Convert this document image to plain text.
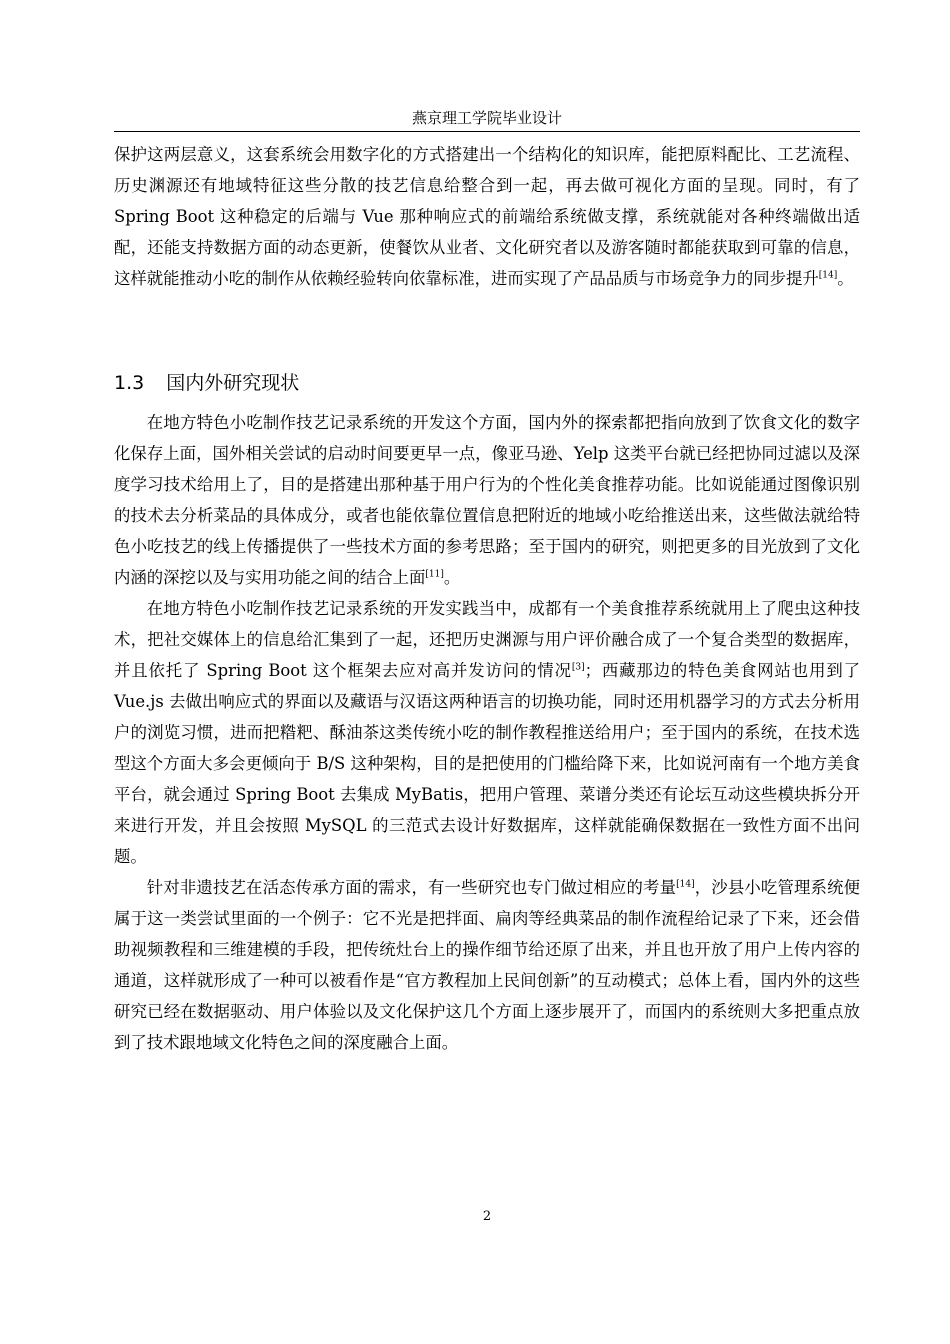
燕京理工学院毕业设计

保护这两层意义，这套系统会用数字化的方式搭建出一个结构化的知识库，能把原料配比、工艺流程、历史渊源还有地域特征这些分散的技艺信息给整合到一起，再去做可视化方面的呈现。同时，有了 Spring Boot 这种稳定的后端与 Vue 那种响应式的前端给系统做支撑，系统就能对各种终端做出适配，还能支持数据方面的动态更新，使餐饮从业者、文化研究者以及游客随时都能获取到可靠的信息，这样就能推动小吃的制作从依赖经验转向依靠标准，进而实现了产品品质与市场竞争力的同步提升[14]。

1.3 国内外研究现状

在地方特色小吃制作技艺记录系统的开发这个方面，国内外的探索都把指向放到了饮食文化的数字化保存上面，国外相关尝试的启动时间要更早一点，像亚马逊、Yelp 这类平台就已经把协同过滤以及深度学习技术给用上了，目的是搭建出那种基于用户行为的个性化美食推荐功能。比如说能通过图像识别的技术去分析菜品的具体成分，或者也能依靠位置信息把附近的地域小吃给推送出来，这些做法就给特色小吃技艺的线上传播提供了一些技术方面的参考思路；至于国内的研究，则把更多的目光放到了文化内涵的深挖以及与实用功能之间的结合上面[11]。

在地方特色小吃制作技艺记录系统的开发实践当中，成都有一个美食推荐系统就用上了爬虫这种技术，把社交媒体上的信息给汇集到了一起，还把历史渊源与用户评价融合成了一个复合类型的数据库，并且依托了 Spring Boot 这个框架去应对高并发访问的情况[3]；西藏那边的特色美食网站也用到了 Vue.js 去做出响应式的界面以及藏语与汉语这两种语言的切换功能，同时还用机器学习的方式去分析用户的浏览习惯，进而把糌粑、酥油茶这类传统小吃的制作教程推送给用户；至于国内的系统，在技术选型这个方面大多会更倾向于 B/S 这种架构，目的是把使用的门槛给降下来，比如说河南有一个地方美食平台，就会通过 Spring Boot 去集成 MyBatis，把用户管理、菜谱分类还有论坛互动这些模块拆分开来进行开发，并且会按照 MySQL 的三范式去设计好数据库，这样就能确保数据在一致性方面不出问题。

针对非遗技艺在活态传承方面的需求，有一些研究也专门做过相应的考量[14]，沙县小吃管理系统便属于这一类尝试里面的一个例子：它不光是把拌面、扁肉等经典菜品的制作流程给记录了下来，还会借助视频教程和三维建模的手段，把传统灶台上的操作细节给还原了出来，并且也开放了用户上传内容的通道，这样就形成了一种可以被看作是“官方教程加上民间创新”的互动模式；总体上看，国内外的这些研究已经在数据驱动、用户体验以及文化保护这几个方面上逐步展开了，而国内的系统则大多把重点放到了技术跟地域文化特色之间的深度融合上面。

2
